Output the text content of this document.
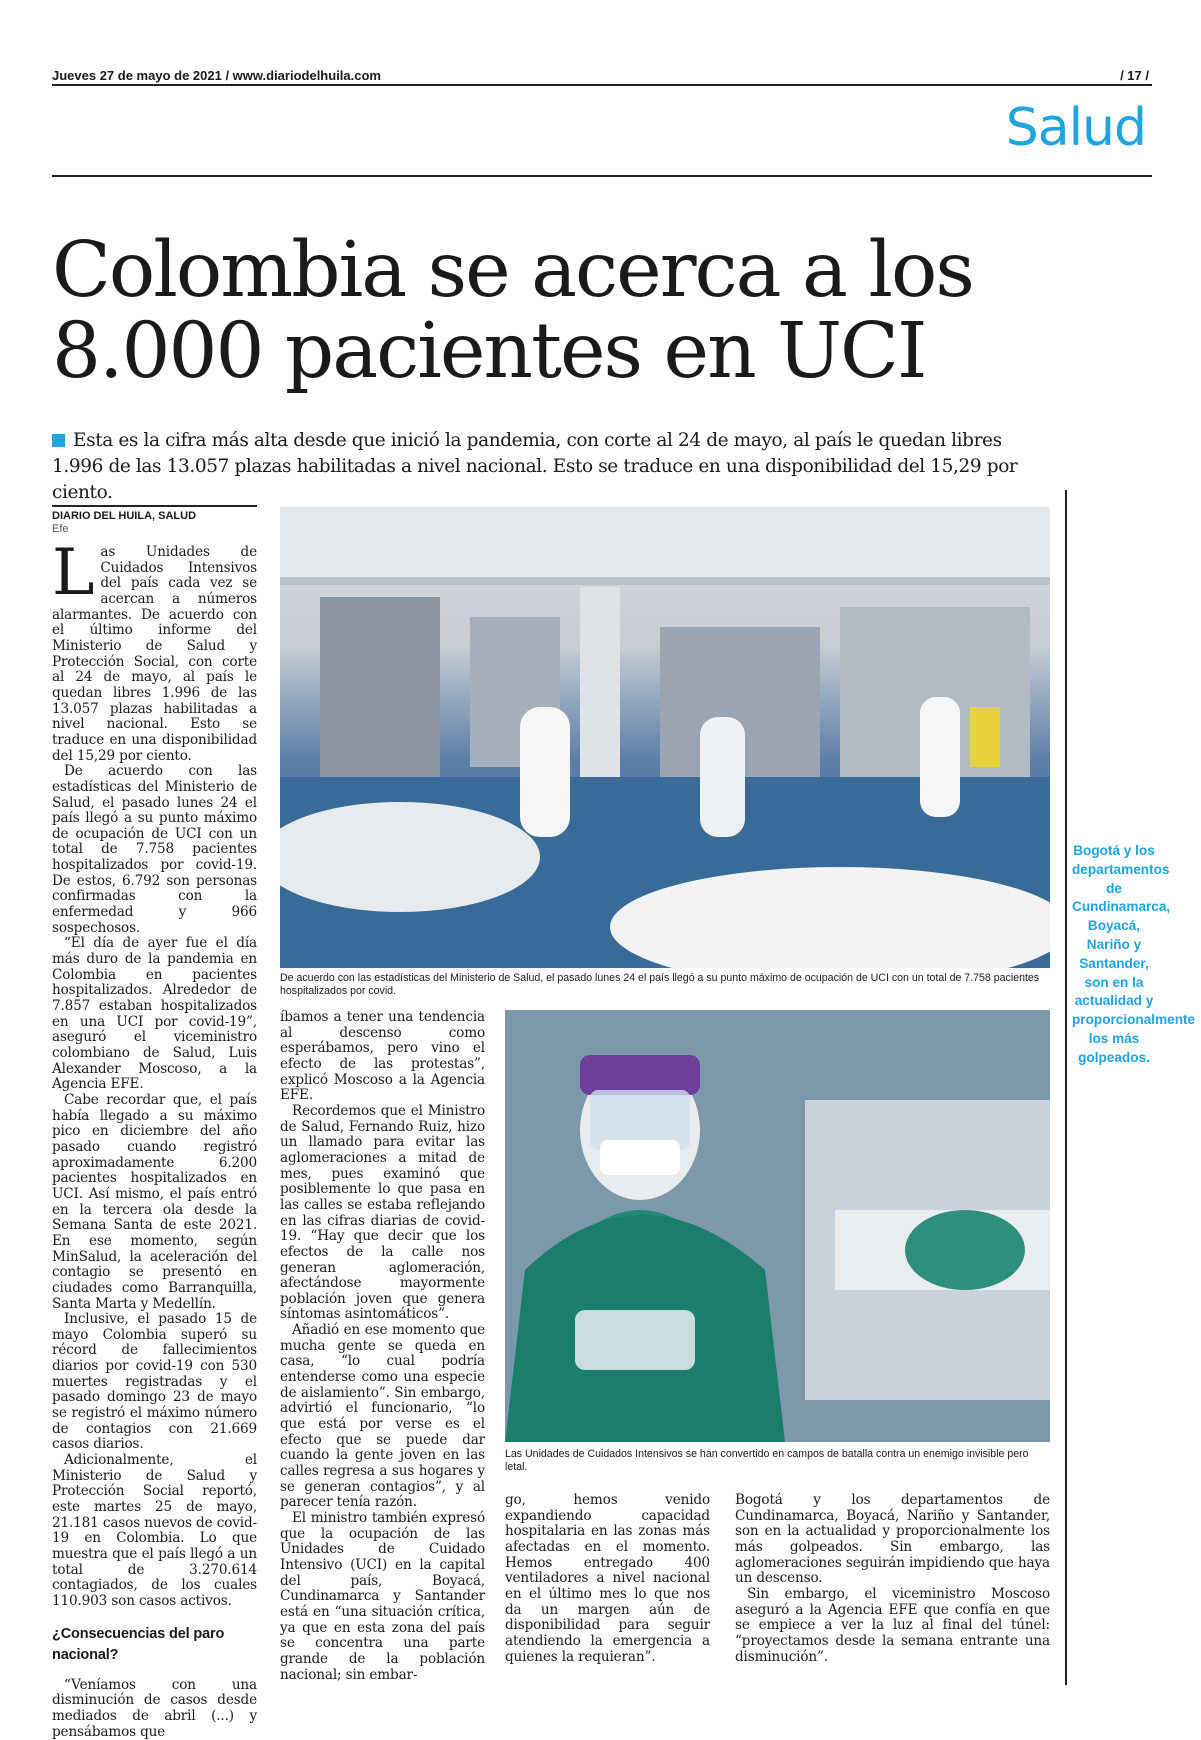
Jueves 27 de mayo de 2021 / www.diariodelhuila.com	/ 17 /
Salud
Colombia se acerca a los
8.000 pacientes en UCI
Esta es la cifra más alta desde que inició la pandemia, con corte al 24 de mayo, al país le quedan libres 1.996 de las 13.057 plazas habilitadas a nivel nacional. Esto se traduce en una disponibilidad del 15,29 por ciento.
DIARIO DEL HUILA, SALUD
Efe
L as Unidades de Cuidados Intensivos del país cada vez se acercan a números alarmantes. De acuerdo con el último informe del Ministerio de Salud y Protección Social, con corte al 24 de mayo, al país le quedan libres 1.996 de las 13.057 plazas habilitadas a nivel nacional. Esto se traduce en una disponibilidad del 15,29 por ciento.

De acuerdo con las estadísticas del Ministerio de Salud, el pasado lunes 24 el país llegó a su punto máximo de ocupación de UCI con un total de 7.758 pacientes hospitalizados por covid-19. De estos, 6.792 son personas confirmadas con la enfermedad y 966 sospechosos.

“El día de ayer fue el día más duro de la pandemia en Colombia en pacientes hospitalizados. Alrededor de 7.857 estaban hospitalizados en una UCI por covid-19”, aseguró el viceministro colombiano de Salud, Luis Alexander Moscoso, a la Agencia EFE.

Cabe recordar que, el país había llegado a su máximo pico en diciembre del año pasado cuando registró aproximadamente 6.200 pacientes hospitalizados en UCI. Así mismo, el país entró en la tercera ola desde la Semana Santa de este 2021. En ese momento, según MinSalud, la aceleración del contagio se presentó en ciudades como Barranquilla, Santa Marta y Medellín.

Inclusive, el pasado 15 de mayo Colombia superó su récord de fallecimientos diarios por covid-19 con 530 muertes registradas y el pasado domingo 23 de mayo se registró el máximo número de contagios con 21.669 casos diarios.

Adicionalmente, el Ministerio de Salud y Protección Social reportó, este martes 25 de mayo, 21.181 casos nuevos de covid-19 en Colombia. Lo que muestra que el país llegó a un total de 3.270.614 contagiados, de los cuales 110.903 son casos activos.

¿Consecuencias del paro nacional?

“Veníamos con una disminución de casos desde mediados de abril (...) y pensábamos que

De acuerdo con las estadísticas del Ministerio de Salud, el pasado lunes 24 el país llegó a su punto máximo de ocupación de UCI con un total de 7.758 pacientes hospitalizados por covid.

íbamos a tener una tendencia al descenso como esperábamos, pero vino el efecto de las protestas”, explicó Moscoso a la Agencia EFE.

Recordemos que el Ministro de Salud, Fernando Ruiz, hizo un llamado para evitar las aglomeraciones a mitad de mes, pues examinó que posiblemente lo que pasa en las calles se estaba reflejando en las cifras diarias de covid-19. “Hay que decir que los efectos de la calle nos generan aglomeración, afectándose mayormente población joven que genera síntomas asintomáticos”.

Añadió en ese momento que mucha gente se queda en casa, “lo cual podría entenderse como una especie de aislamiento”. Sin embargo, advirtió el funcionario, “lo que está por verse es el efecto que se puede dar cuando la gente joven en las calles regresa a sus hogares y se generan contagios”, y al parecer tenía razón.

El ministro también expresó que la ocupación de las Unidades de Cuidado Intensivo (UCI) en la capital del país, Boyacá, Cundinamarca y Santander está en “una situación crítica, ya que en esta zona del país se concentra una parte grande de la población nacional; sin embar-

Las Unidades de Cuidados Intensivos se han convertido en campos de batalla contra un enemigo invisible pero letal.

go, hemos venido expandiendo capacidad hospitalaria en las zonas más afectadas en el momento. Hemos entregado 400 ventiladores a nivel nacional en el último mes lo que nos da un margen aún de disponibilidad para seguir atendiendo la emergencia a quienes la requieran”.

Bogotá y los departamentos de Cundinamarca, Boyacá, Nariño y Santander, son en la actualidad y proporcionalmente los más golpeados. Sin embargo, las aglomeraciones seguirán impidiendo que haya un descenso.

Sin embargo, el viceministro Moscoso aseguró a la Agencia EFE que confía en que se empiece a ver la luz al final del túnel: “proyectamos desde la semana entrante una disminución”.

Bogotá y los departamentos de Cundinamarca, Boyacá, Nariño y Santander, son en la actualidad y proporcionalmente los más golpeados.
